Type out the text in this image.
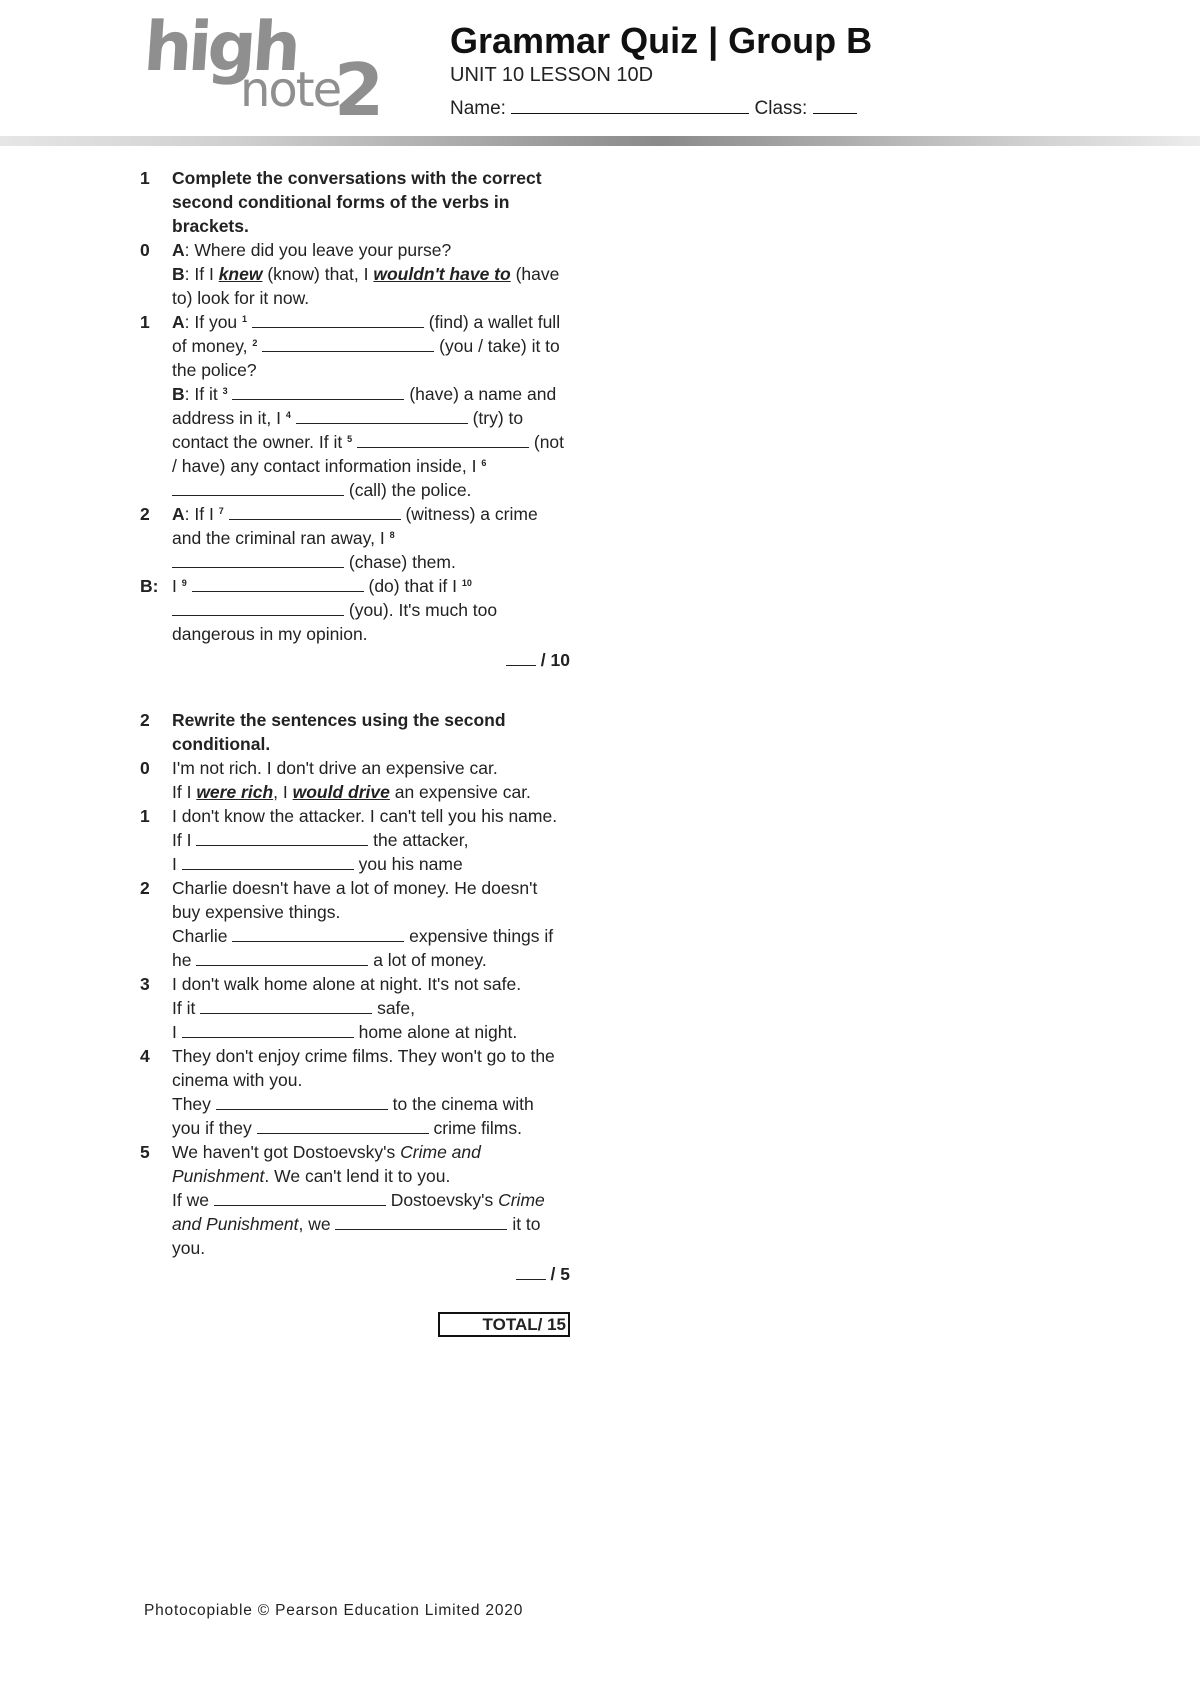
high
note
2
Grammar Quiz | Group B
UNIT 10 LESSON 10D
Name:	Class:
1 Complete the conversations with the correct second conditional forms of the verbs in brackets.
0 A: Where did you leave your purse?
B: If I knew (know) that, I wouldn't have to (have to) look for it now.
1 A: If you $^1$	(find) a wallet full of money, $^2$	(you / take) it to the police?
B: If it $^3$	(have) a name and address in it, I $^4$	(try) to contact the owner. If it $^5$	(not / have) any contact information inside, I $^6$  (call) the police.
2 A: If I $^7$	(witness) a crime and the criminal ran away, I $^8$  (chase) them.
B: I $^9$	(do) that if I $^{10}$  (you). It's much too dangerous in my opinion.
/ 10
2 Rewrite the sentences using the second conditional.
0 I'm not rich. I don't drive an expensive car.
If I were rich, I would drive an expensive car.
1 I don't know the attacker. I can't tell you his name.
If I	the attacker,
I	you his name
2 Charlie doesn't have a lot of money. He doesn't buy expensive things.
Charlie	expensive things if
he	a lot of money.
3 I don't walk home alone at night. It's not safe.
If it	safe,
I	home alone at night.
4 They don't enjoy crime films. They won't go to the cinema with you.
They	to the cinema with
you if they	crime films.
5 We haven't got Dostoevsky's Crime and Punishment. We can't lend it to you.
If we	Dostoevsky's Crime and Punishment, we	it to you.
/ 5
TOTAL/ 15
Photocopiable © Pearson Education Limited 2020
